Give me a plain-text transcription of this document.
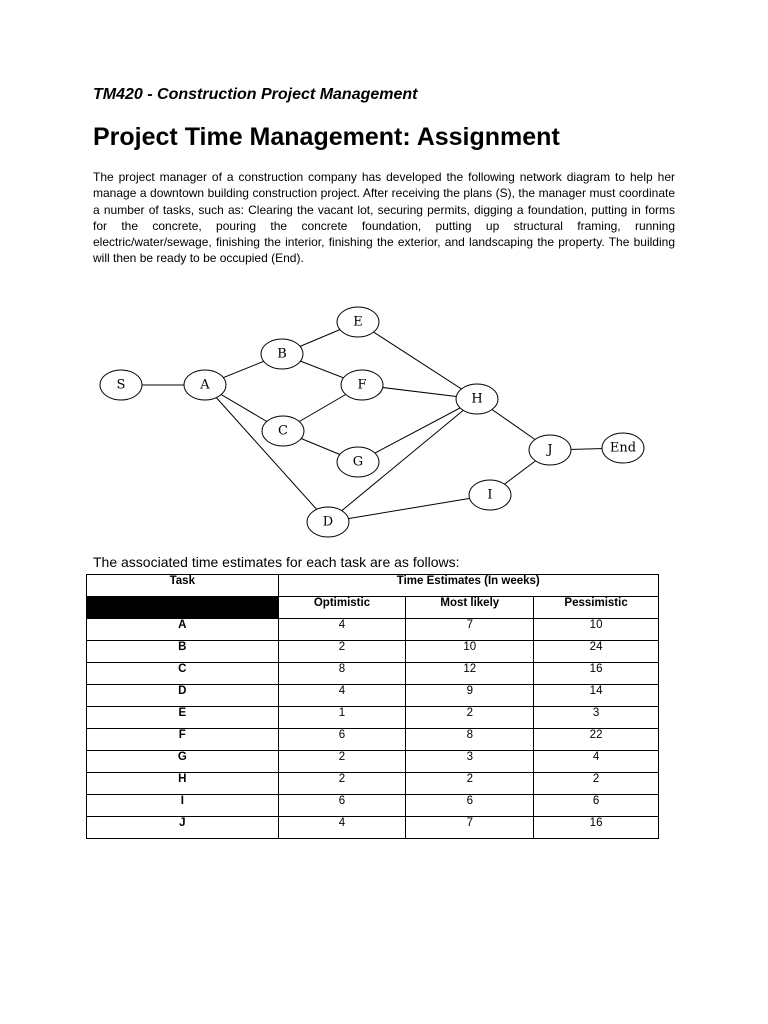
TM420 - Construction Project Management

Project Time Management: Assignment

The project manager of a construction company has developed the following network diagram to help her manage a downtown building construction project. After receiving the plans (S), the manager must coordinate a number of tasks, such as: Clearing the vacant lot, securing permits, digging a foundation, putting in forms for the concrete, pouring the concrete foundation, putting up structural framing, running electric/water/sewage, finishing the interior, finishing the exterior, and landscaping the property. The building will then be ready to be occupied (End).

S	A
B
C
D
E
F
G
H
I
J	End

The associated time estimates for each task are as follows:

Task	Time Estimates (In weeks)		
	Optimistic	Most likely	Pessimistic
A	4	7	10
B	2	10	24
C	8	12	16
D	4	9	14
E	1	2	3
F	6	8	22
G	2	3	4
H	2	2	2
I	6	6	6
J	4	7	16
